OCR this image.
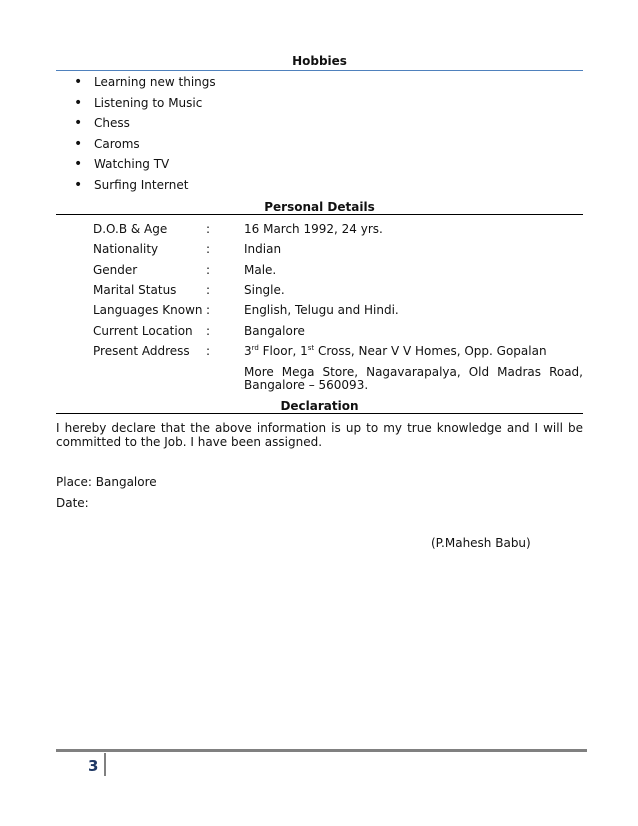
Hobbies
• Learning new things
• Listening to Music
• Chess
• Caroms
• Watching TV
• Surfing Internet
Personal Details
D.O.B & Age	:	16 March 1992, 24 yrs.
Nationality	:	Indian
Gender	:	Male.
Marital Status :	Single.
Languages Known :	English, Telugu and Hindi.
Current Location :	Bangalore
Present Address :	3rd Floor, 1st Cross, Near V V Homes, Opp. Gopalan
More Mega Store, Nagavarapalya, Old Madras Road,
Bangalore – 560093.
Declaration
I hereby declare that the above information is up to my true knowledge and I will be
committed to the Job. I have been assigned.
Place: Bangalore
Date:
(P.Mahesh Babu)
3
